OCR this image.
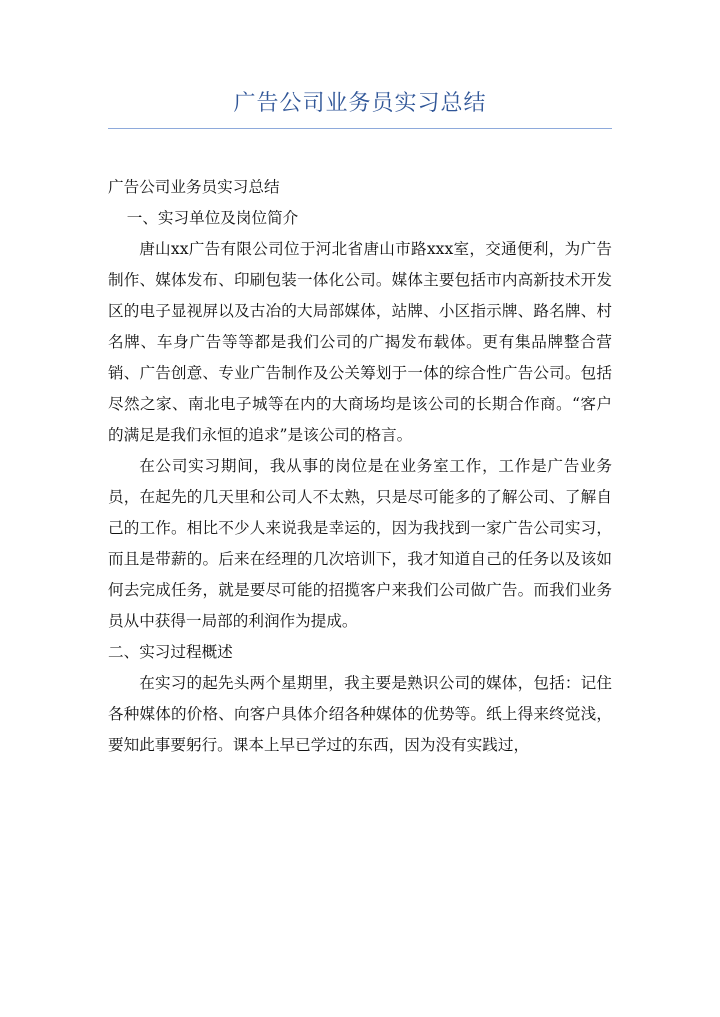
广告公司业务员实习总结

广告公司业务员实习总结

一、实习单位及岗位简介

唐山xx广告有限公司位于河北省唐山市路xxx室，交通便利，为广告制作、媒体发布、印刷包装一体化公司。媒体主要包括市内高新技术开发区的电子显视屏以及古冶的大局部媒体，站牌、小区指示牌、路名牌、村名牌、车身广告等等都是我们公司的广揭发布载体。更有集品牌整合营销、广告创意、专业广告制作及公关筹划于一体的综合性广告公司。包括尽然之家、南北电子城等在内的大商场均是该公司的长期合作商。“客户的满足是我们永恒的追求”是该公司的格言。

在公司实习期间，我从事的岗位是在业务室工作，工作是广告业务员，在起先的几天里和公司人不太熟，只是尽可能多的了解公司、了解自己的工作。相比不少人来说我是幸运的，因为我找到一家广告公司实习，而且是带薪的。后来在经理的几次培训下，我才知道自己的任务以及该如何去完成任务，就是要尽可能的招揽客户来我们公司做广告。而我们业务员从中获得一局部的利润作为提成。

二、实习过程概述

在实习的起先头两个星期里，我主要是熟识公司的媒体，包括：记住各种媒体的价格、向客户具体介绍各种媒体的优势等。纸上得来终觉浅，要知此事要躬行。课本上早已学过的东西，因为没有实践过，
